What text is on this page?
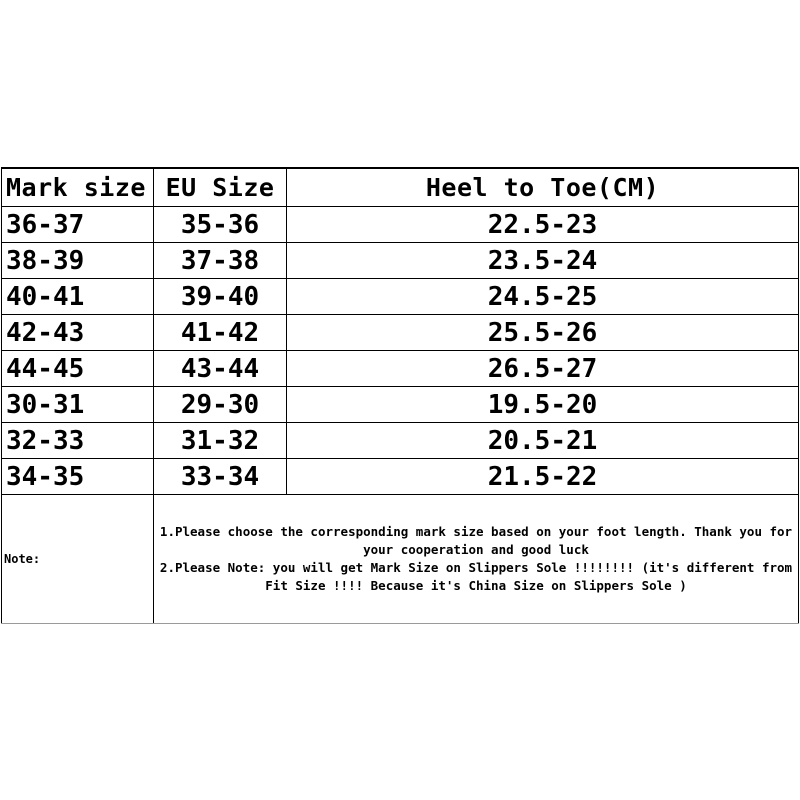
Mark size	EU Size	Heel to Toe(CM)
36-37	35-36	22.5-23
38-39	37-38	23.5-24
40-41	39-40	24.5-25
42-43	41-42	25.5-26
44-45	43-44	26.5-27
30-31	29-30	19.5-20
32-33	31-32	20.5-21
34-35	33-34	21.5-22
Note:	1.Please choose the corresponding mark size based on your foot length. Thank you for your cooperation and good luck
2.Please Note: you will get Mark Size on Slippers Sole !!!!!!!! (it's different from Fit Size !!!! Because it's China Size on Slippers Sole )	
